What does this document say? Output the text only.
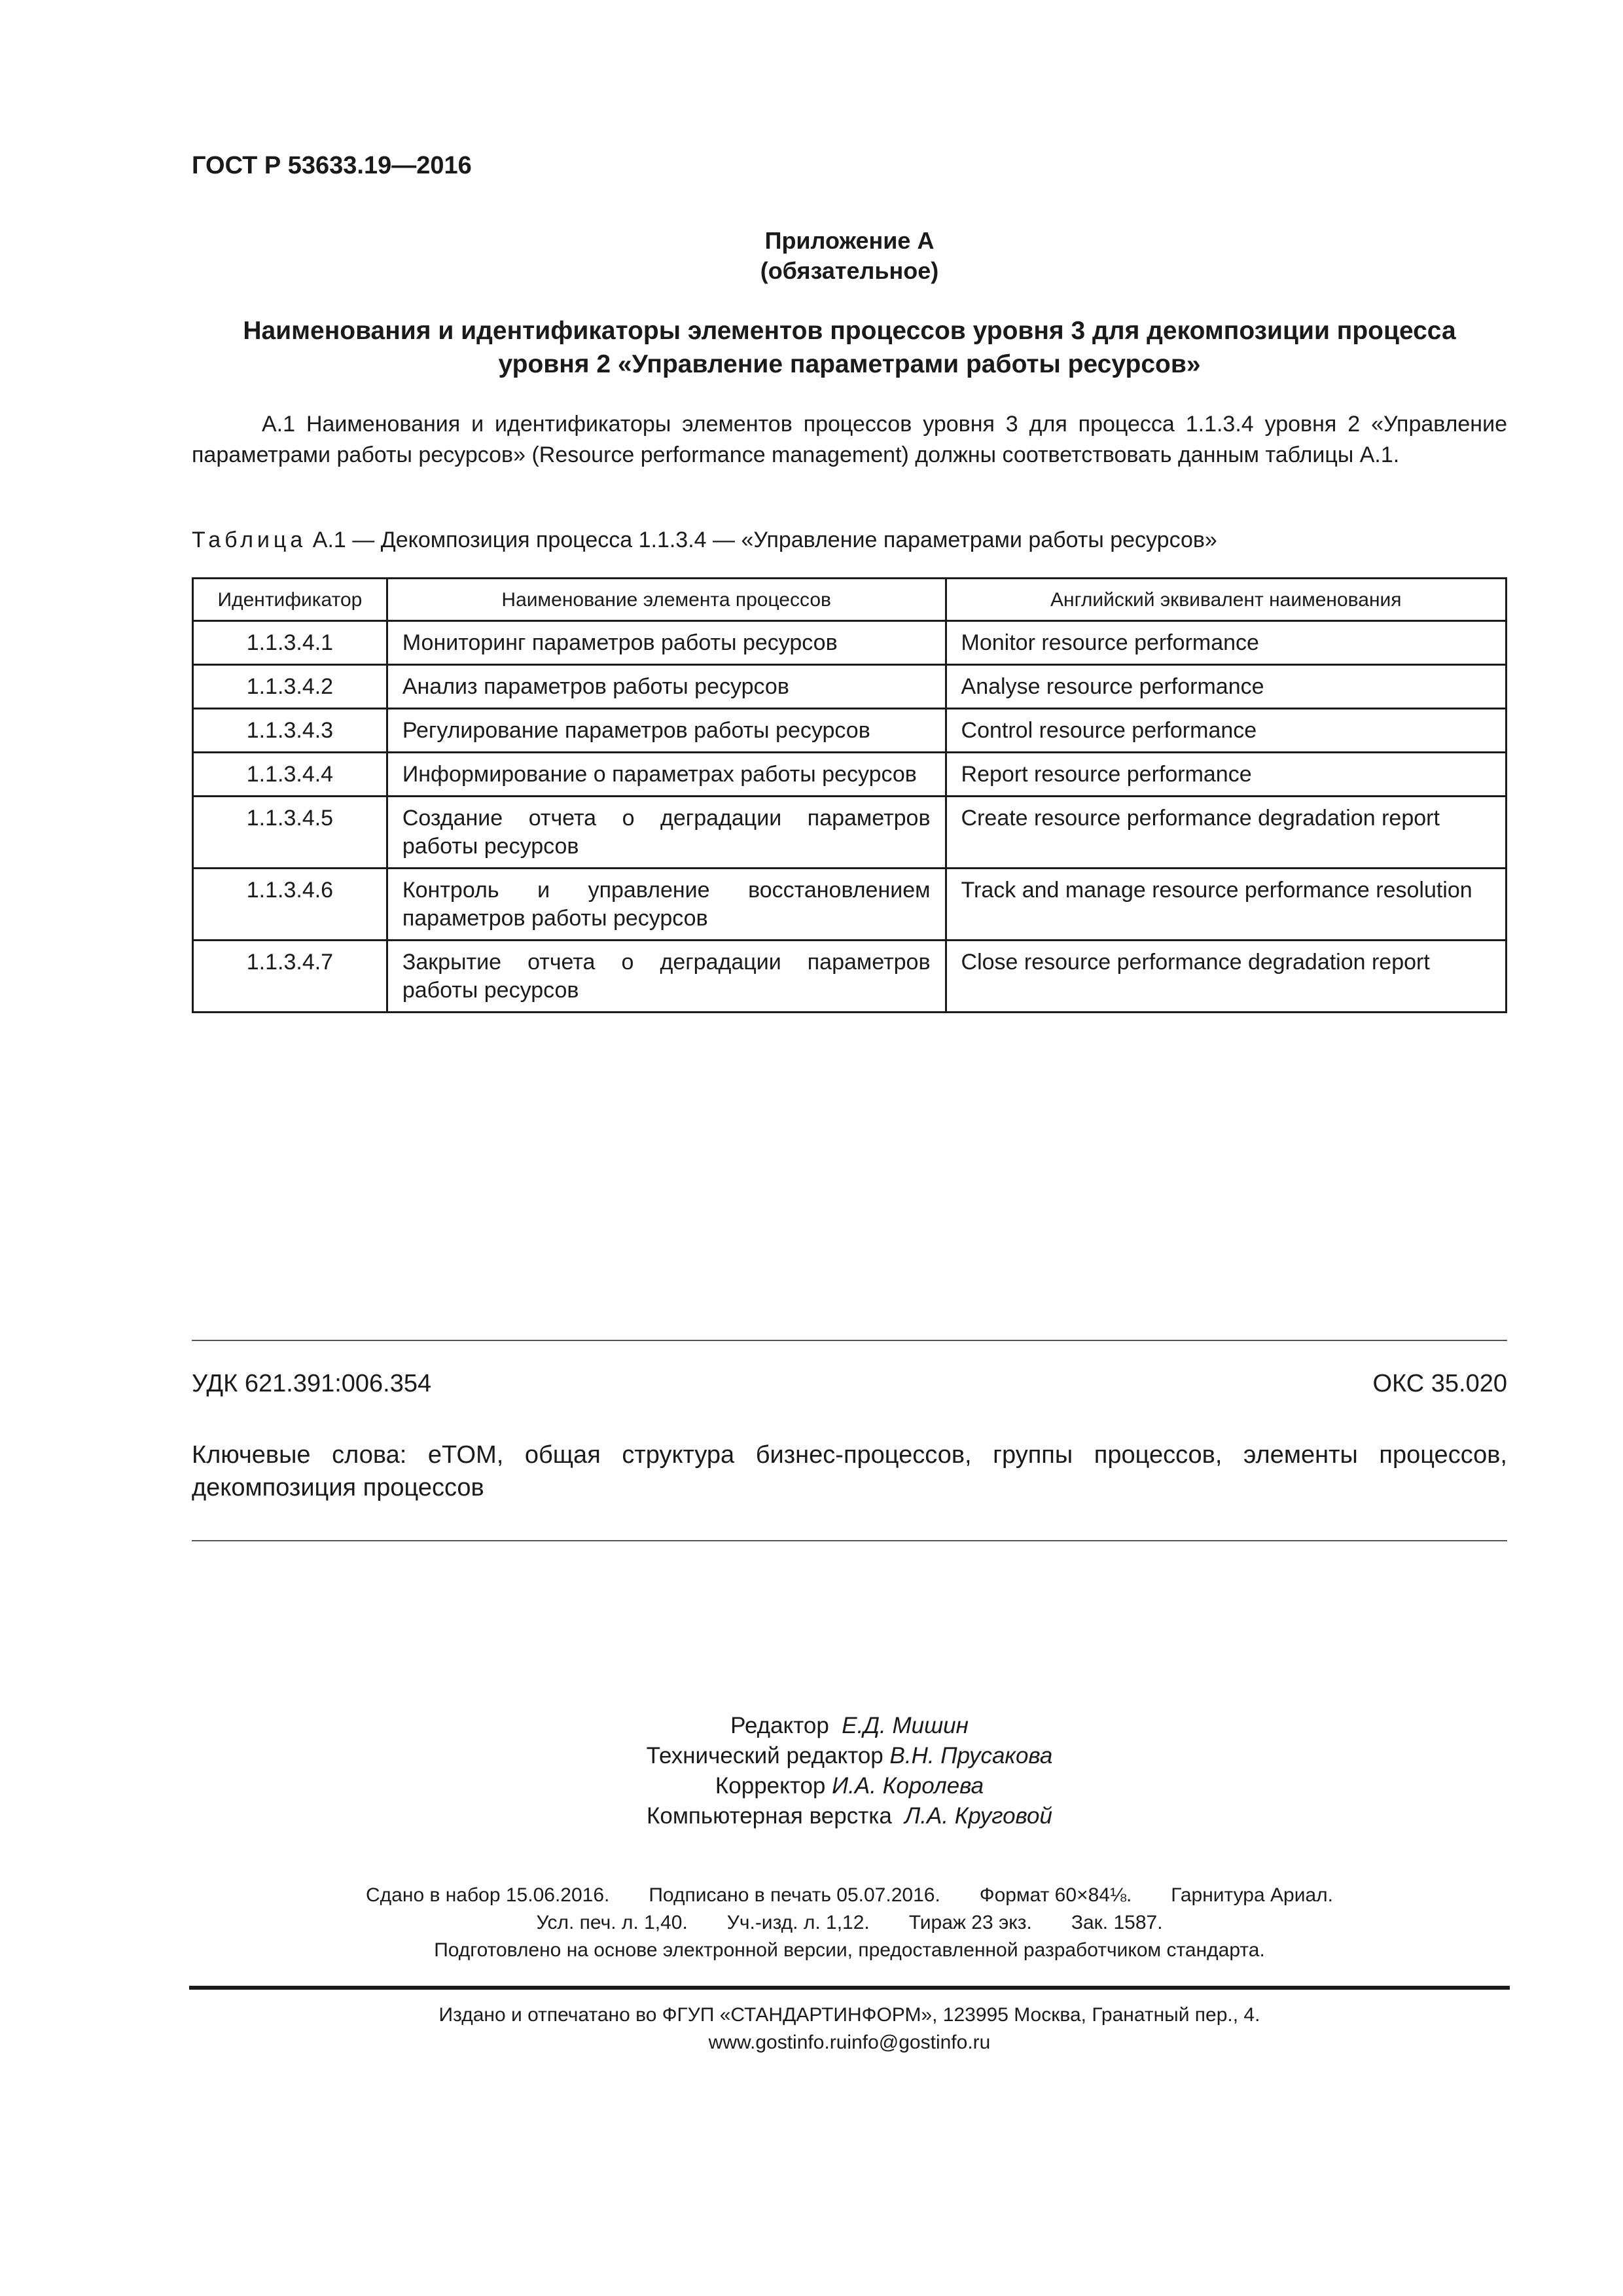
ГОСТ Р 53633.19—2016
Приложение А
(обязательное)
Наименования и идентификаторы элементов процессов уровня 3 для декомпозиции процесса
уровня 2 «Управление параметрами работы ресурсов»
А.1 Наименования и идентификаторы элементов процессов уровня 3 для процесса 1.1.3.4 уровня 2 «Управление параметрами работы ресурсов» (Resource performance management) должны соответствовать данным таблицы А.1.
Таблица А.1 — Декомпозиция процесса 1.1.3.4 — «Управление параметрами работы ресурсов»
Идентификатор	Наименование элемента процессов	Английский эквивалент наименования
1.1.3.4.1	Мониторинг параметров работы ресурсов	Monitor resource performance
1.1.3.4.2	Анализ параметров работы ресурсов	Analyse resource performance
1.1.3.4.3	Регулирование параметров работы ресурсов	Control resource performance
1.1.3.4.4	Информирование о параметрах работы ресурсов	Report resource performance
1.1.3.4.5	Создание отчета о деградации параметров работы ресурсов	Create resource performance degradation report
1.1.3.4.6	Контроль и управление восстановлением параметров работы ресурсов	Track and manage resource performance resolution
1.1.3.4.7	Закрытие отчета о деградации параметров работы ресурсов	Close resource performance degradation report
УДК 621.391:006.354	ОКС 35.020
Ключевые слова: eTOM, общая структура бизнес-процессов, группы процессов, элементы процессов, декомпозиция процессов
Редактор Е.Д. Мишин
Технический редактор В.Н. Прусакова
Корректор И.А. Королева
Компьютерная верстка Л.А. Круговой
Сдано в набор 15.06.2016. Подписано в печать 05.07.2016. Формат 60×84⅛. Гарнитура Ариал.
Усл. печ. л. 1,40. Уч.-изд. л. 1,12. Тираж 23 экз. Зак. 1587.
Подготовлено на основе электронной версии, предоставленной разработчиком стандарта.
Издано и отпечатано во ФГУП «СТАНДАРТИНФОРМ», 123995 Москва, Гранатный пер., 4.
www.gostinfo.ruinfo@gostinfo.ru
